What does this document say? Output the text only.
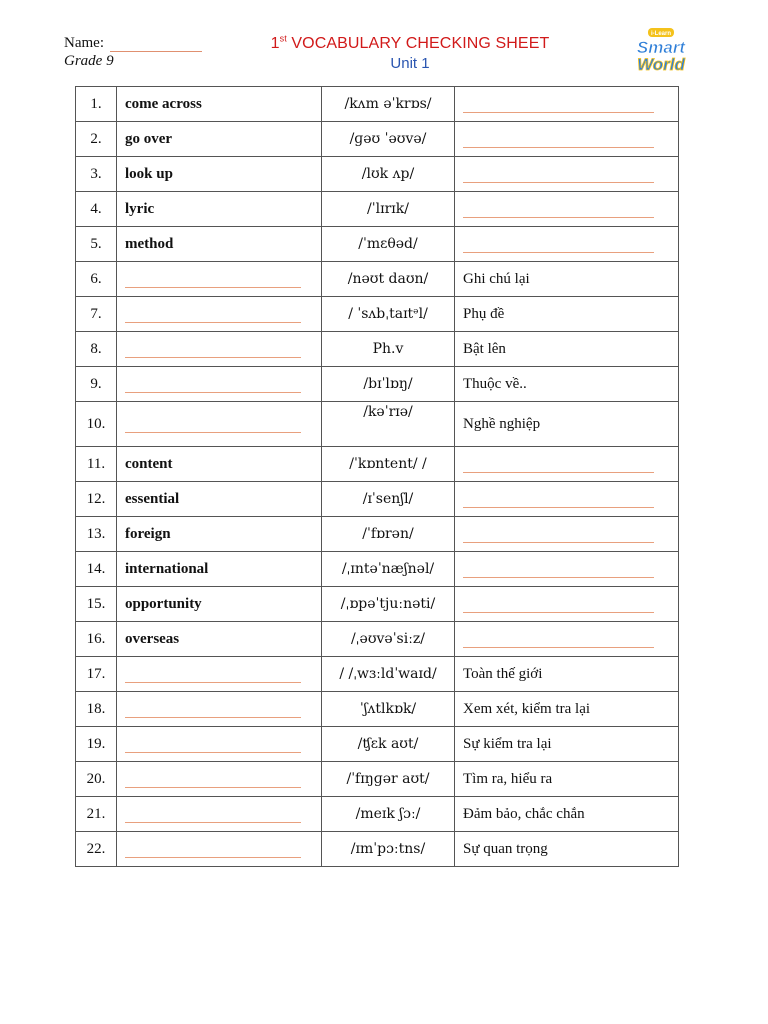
Name:
Grade 9
1st VOCABULARY CHECKING SHEET
Unit 1
i-Learn
Smart
World
1.	come across	/kʌm əˈkrɒs/	

2.	go over	/ɡəʊ ˈəʊvə/	

3.	look up	/lʊk ʌp/	

4.	lyric	/ˈlɪrɪk/	

5.	method	/ˈmɛθəd/	

6.		/nəʊt daʊn/	Ghi chú lại
7.		/ ˈsʌbˌtaɪtᵊl/	Phụ đề
8.		Ph.v	Bật lên
9.		/bɪˈlɒŋ/	Thuộc về..
10.		/kəˈrɪə/	Nghề nghiệp
11.	content	/ˈkɒntent/ /	

12.	essential	/ɪˈsenʃl/	

13.	foreign	/ˈfɒrən/	

14.	international	/ˌɪntəˈnæʃnəl/	

15.	opportunity	/ˌɒpəˈtjuːnəti/	

16.	overseas	/ˌəʊvəˈsiːz/	

17.		/ /ˌwɜːldˈwaɪd/	Toàn thế giới
18.		ˈʃʌtlkɒk/	Xem xét, kiểm tra lại
19.		/ʧɛk aʊt/	Sự kiểm tra lại
20.		/ˈfɪŋɡər aʊt/	Tìm ra, hiểu ra
21.		/meɪk ʃɔː/	Đảm bảo, chắc chắn
22.		/ɪmˈpɔːtns/	Sự quan trọng
